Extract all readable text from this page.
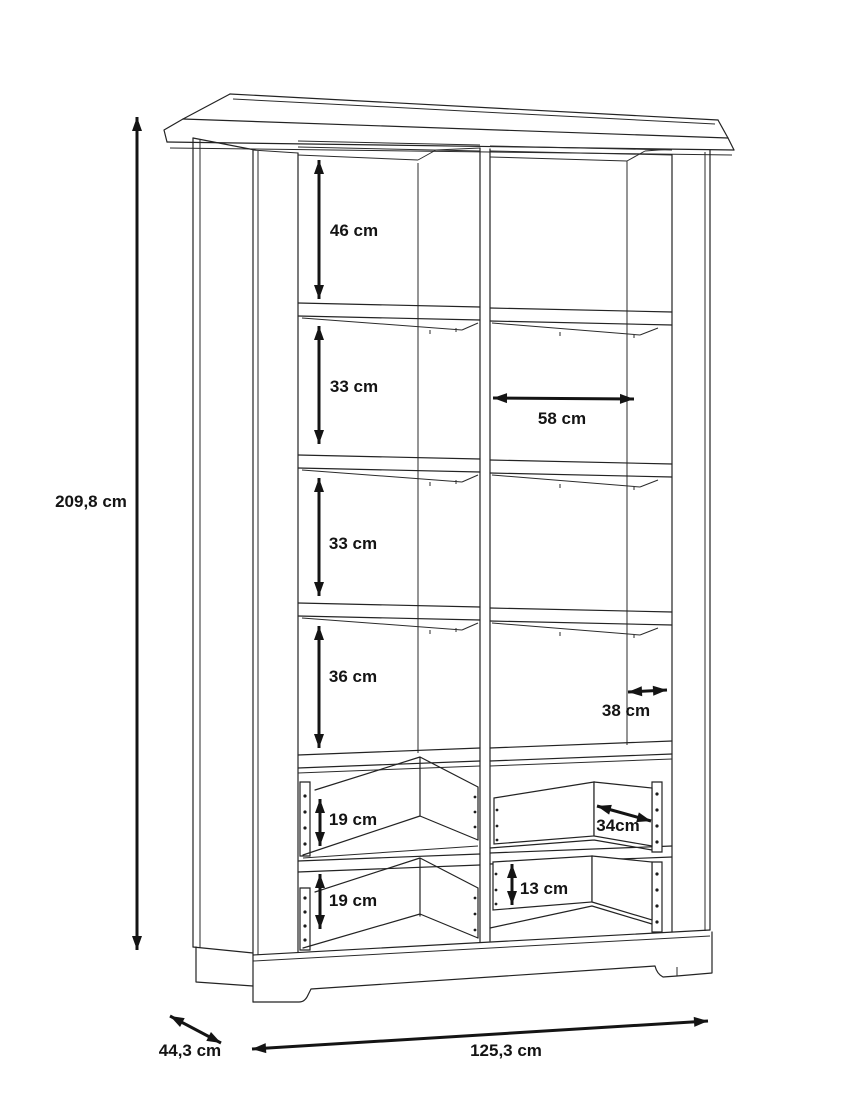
209,8 cm
46 cm
33 cm
33 cm
36 cm
58 cm
38 cm
19 cm
19 cm
34cm
13 cm
44,3 cm	125,3 cm
